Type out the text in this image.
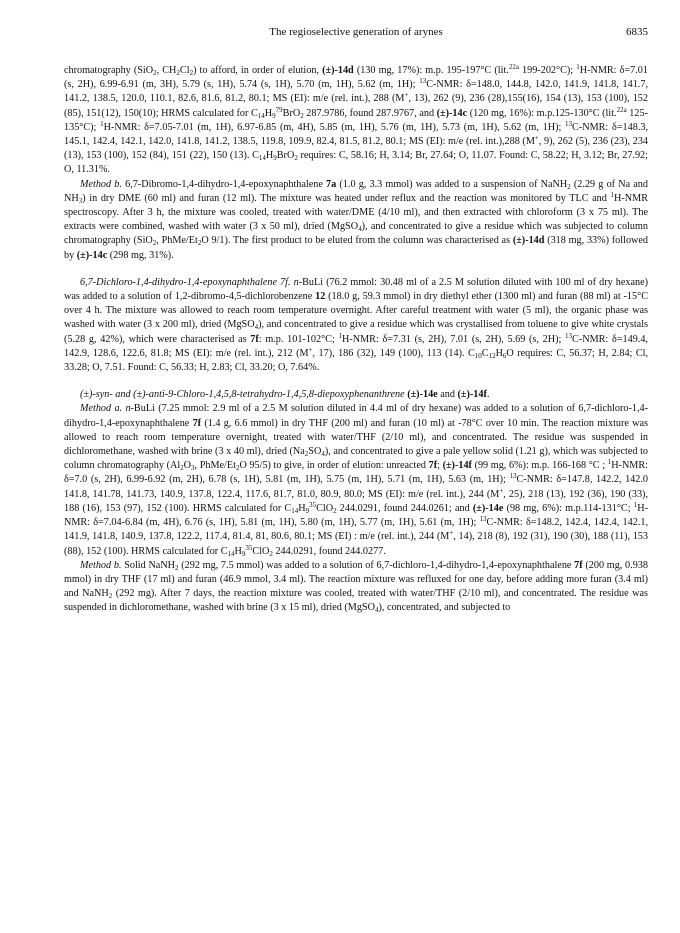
The regioselective generation of arynes	6835

chromatography (SiO$_2$, $CH_2Cl_2$) to afford, in order of elution, (±)-14d (130 mg, 17%): m.p. 195-197°C (lit.$^{22a}$ 199-202°C); $^1$H-NMR: δ=7.01 (s, 2H), 6.99-6.91 (m, 3H), 5.79 (s, 1H), 5.74 (s, 1H), 5.70 (m, 1H), 5.62 (m, 1H); $^{13}$C-NMR: δ=148.0, 144.8, 142.0, 141.9, 141.8, 141.7, 141.2, 138.5, 120.0, 110.1, 82.6, 81.6, 81.2, 80.1; MS (EI): m/e (rel. int.), 288 (M+, 13), 262 (9), 236 (28),155(16), 154 (13), 153 (100), 152 (85), 151(12), 150(10); HRMS calculated for $C_{14}H_9^{79}BrO_2$ 287.9786, found 287.9767, and (±)-14c (120 mg, 16%): m.p.125-130°C (lit.$^{22a}$ 125-135°C); $^1$H-NMR: δ=7.05-7.01 (m, 1H), 6.97-6.85 (m, 4H), 5.85 (m, 1H), 5.76 (m, 1H), 5.73 (m, 1H), 5.62 (m, 1H); $^{13}$C-NMR: δ=148.3, 145.1, 142.4, 142.1, 142.0, 141.8, 141.2, 138.5, 119.8, 109.9, 82.4, 81.5, 81.2, 80.1; MS (EI): m/e (rel. int.),288 (M+, 9), 262 (5), 236 (23), 234 (13), 153 (100), 152 (84), 151 (22), 150 (13). $C_{14}H_9BrO_2$ requires: C, 58.16; H, 3.14; Br, 27.64; O, 11.07. Found: C, 58.22; H, 3.12; Br, 27.92; O, 11.31%.

Method b. 6,7-Dibromo-1,4-dihydro-1,4-epoxynaphthalene 7a (1.0 g, 3.3 mmol) was added to a suspension of NaNH$_2$ (2.29 g of Na and $NH_3$) in dry DME (60 ml) and furan (12 ml). The mixture was heated under reflux and the reaction was monitored by TLC and $^1$H-NMR spectroscopy. After 3 h, the mixture was cooled, treated with water/DME (4/10 ml), and then extracted with chloroform (3 x 75 ml). The extracts were combined, washed with water (3 x 50 ml), dried (MgSO$_4$), and concentrated to give a residue which was subjected to column chromatography (SiO$_2$, PhMe/$Et_2O$ 9/1). The first product to be eluted from the column was characterised as (±)-14d (318 mg, 33%) followed by (±)-14c (298 mg, 31%).

6,7-Dichloro-1,4-dihydro-1,4-epoxynaphthalene 7f. n-BuLi (76.2 mmol: 30.48 ml of a 2.5 M solution diluted with 100 ml of dry hexane) was added to a solution of 1,2-dibromo-4,5-dichlorobenzene 12 (18.0 g, 59.3 mmol) in dry diethyl ether (1300 ml) and furan (88 ml) at -15°C over 4 h. The mixture was allowed to reach room temperature overnight. After careful treatment with water (5 ml), the organic phase was washed with water (3 x 200 ml), dried (MgSO$_4$), and concentrated to give a residue which was crystallised from toluene to give white crystals (5.28 g, 42%), which were characterised as 7f: m.p. 101-102°C; $^1$H-NMR: δ=7.31 (s, 2H), 7.01 (s, 2H), 5.69 (s, 2H); $^{13}$C-NMR: δ=149.4, 142.9, 128.6, 122.6, 81.8; MS (EI): m/e (rel. int.), 212 (M+, 17), 186 (32), 149 (100), 113 (14). $C_{10}C_{12}H_6O$ requires: C, 56.37; H, 2.84; Cl, 33.28; O, 7.51. Found: C, 56.33; H, 2.83; Cl, 33.20; O, 7.64%.

(±)-syn- and (±)-anti-9-Chloro-1,4,5,8-tetrahydro-1,4,5,8-diepoxyphenanthrene (±)-14e and (±)-14f.

Method a. n-BuLi (7.25 mmol: 2.9 ml of a 2.5 M solution diluted in 4.4 ml of dry hexane) was added to a solution of 6,7-dichloro-1,4-dihydro-1,4-epoxynaphthalene 7f (1.4 g, 6.6 mmol) in dry THF (200 ml) and furan (10 ml) at -78°C over 10 min. The reaction mixture was allowed to reach room temperature overnight, treated with water/THF (2/10 ml), and concentrated. The residue was suspended in dichloromethane, washed with brine (3 x 40 ml), dried $(Na_2SO_4)$, and concentrated to give a pale yellow solid (1.21 g), which was subjected to column chromatography ($Al_2O_3$, PhMe/$Et_2O$ 95/5) to give, in order of elution: unreacted 7f; (±)-14f (99 mg, 6%): m.p. 166-168 °C ; $^1$H-NMR: δ=7.0 (s, 2H), 6.99-6.92 (m, 2H), 6.78 (s, 1H), 5.81 (m, 1H), 5.75 (m, 1H), 5.71 (m, 1H), 5.63 (m, 1H); $^{13}$C-NMR: δ=147.8, 142.2, 142.0 141.8, 141.78, 141.73, 140.9, 137.8, 122.4, 117.6, 81.7, 81.0, 80.9, 80.0; MS (EI): m/e (rel. int.), 244 (M+, 25), 218 (13), 192 (36), 190 (33), 188 (16), 153 (97), 152 (100). HRMS calculated for $C_{14}H_9^{35}ClO_2$ 244.0291, found 244.0261; and (±)-14e (98 mg, 6%): m.p.114-131°C; $^1$H-NMR: δ=7.04-6.84 (m, 4H), 6.76 (s, 1H), 5.81 (m, 1H), 5.80 (m, 1H), 5.77 (m, 1H), 5.61 (m, 1H); $^{13}$C-NMR: δ=148.2, 142.4, 142.4, 142.1, 141.9, 141.8, 140.9, 137.8, 122.2, 117.4, 81.4, 81, 80.6, 80.1; MS (EI) : m/e (rel. int.), 244 (M+, 14), 218 (8), 192 (31), 190 (30), 188 (11), 153 (88), 152 (100). HRMS calculated for $C_{14}H_9^{35}ClO_2$ 244.0291, found 244.0277.

Method b. Solid NaNH$_2$ (292 mg, 7.5 mmol) was added to a solution of 6,7-dichloro-1,4-dihydro-1,4-epoxynaphthalene 7f (200 mg, 0.938 mmol) in dry THF (17 ml) and furan (46.9 mmol, 3.4 ml). The reaction mixture was refluxed for one day, before adding more furan (3.4 ml) and NaNH$_2$ (292 mg). After 7 days, the reaction mixture was cooled, treated with water/THF (2/10 ml), and concentrated. The residue was suspended in dichloromethane, washed with brine (3 x 15 ml), dried (MgSO$_4$), concentrated, and subjected to
